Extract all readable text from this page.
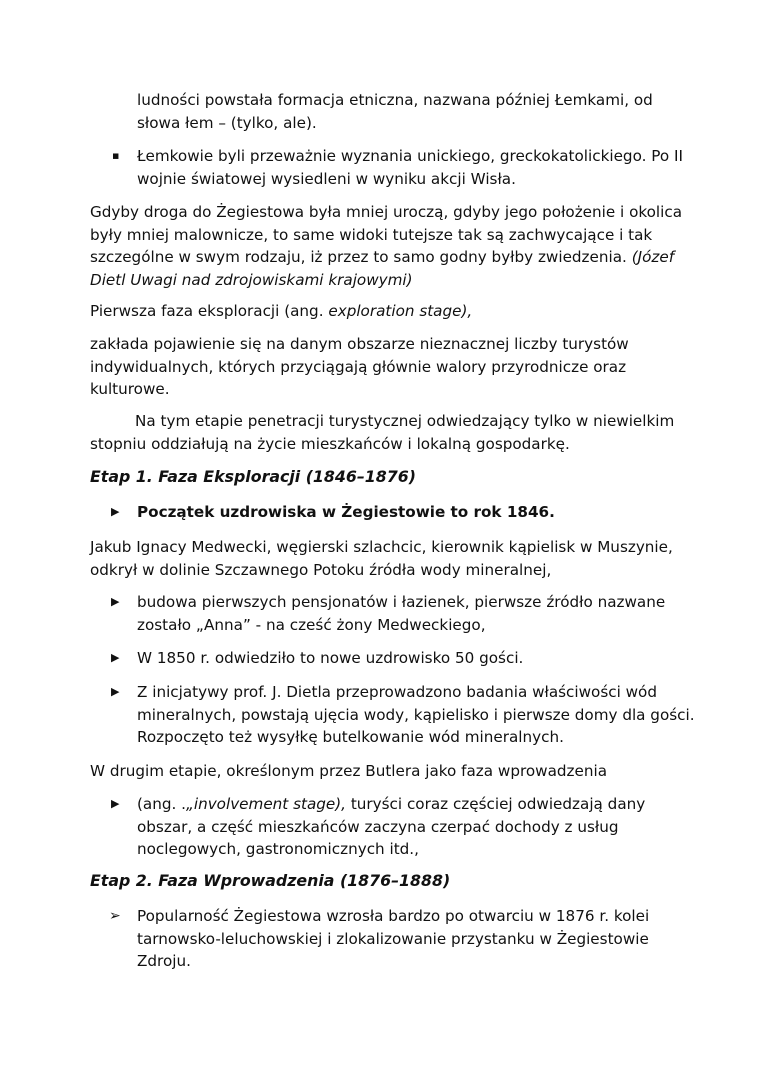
ludności powstała formacja etniczna, nazwana później Łemkami, od słowa łem – (tylko, ale).

▪ Łemkowie byli przeważnie wyznania unickiego, greckokatolickiego. Po II wojnie światowej wysiedleni w wyniku akcji Wisła.

Gdyby droga do Żegiestowa była mniej uroczą, gdyby jego położenie i okolica były mniej malownicze, to same widoki tutejsze tak są zachwycające i tak szczególne w swym rodzaju, iż przez to samo godny byłby zwiedzenia. (Józef Dietl Uwagi nad zdrojowiskami krajowymi)

Pierwsza faza eksploracji (ang. exploration stage),

zakłada pojawienie się na danym obszarze nieznacznej liczby turystów indywidualnych, których przyciągają głównie walory przyrodnicze oraz kulturowe.

Na tym etapie penetracji turystycznej odwiedzający tylko w niewielkim stopniu oddziałują na życie mieszkańców i lokalną gospodarkę.

Etap 1. Faza Eksploracji (1846–1876)

▶ Początek uzdrowiska w Żegiestowie to rok 1846.

Jakub Ignacy Medwecki, węgierski szlachcic, kierownik kąpielisk w Muszynie, odkrył w dolinie Szczawnego Potoku źródła wody mineralnej,

▶ budowa pierwszych pensjonatów i łazienek, pierwsze źródło nazwane zostało „Anna” - na cześć żony Medweckiego,

▶ W 1850 r. odwiedziło to nowe uzdrowisko 50 gości.

▶ Z inicjatywy prof. J. Dietla przeprowadzono badania właściwości wód mineralnych, powstają ujęcia wody, kąpielisko i pierwsze domy dla gości. Rozpoczęto też wysyłkę butelkowanie wód mineralnych.

W drugim etapie, określonym przez Butlera jako faza wprowadzenia

▶ (ang. .„involvement stage), turyści coraz częściej odwiedzają dany obszar, a część mieszkańców zaczyna czerpać dochody z usług noclegowych, gastronomicznych itd.,

Etap 2. Faza Wprowadzenia (1876–1888)

➢ Popularność Żegiestowa wzrosła bardzo po otwarciu w 1876 r. kolei tarnowsko-leluchowskiej i zlokalizowanie przystanku w Żegiestowie Zdroju.
